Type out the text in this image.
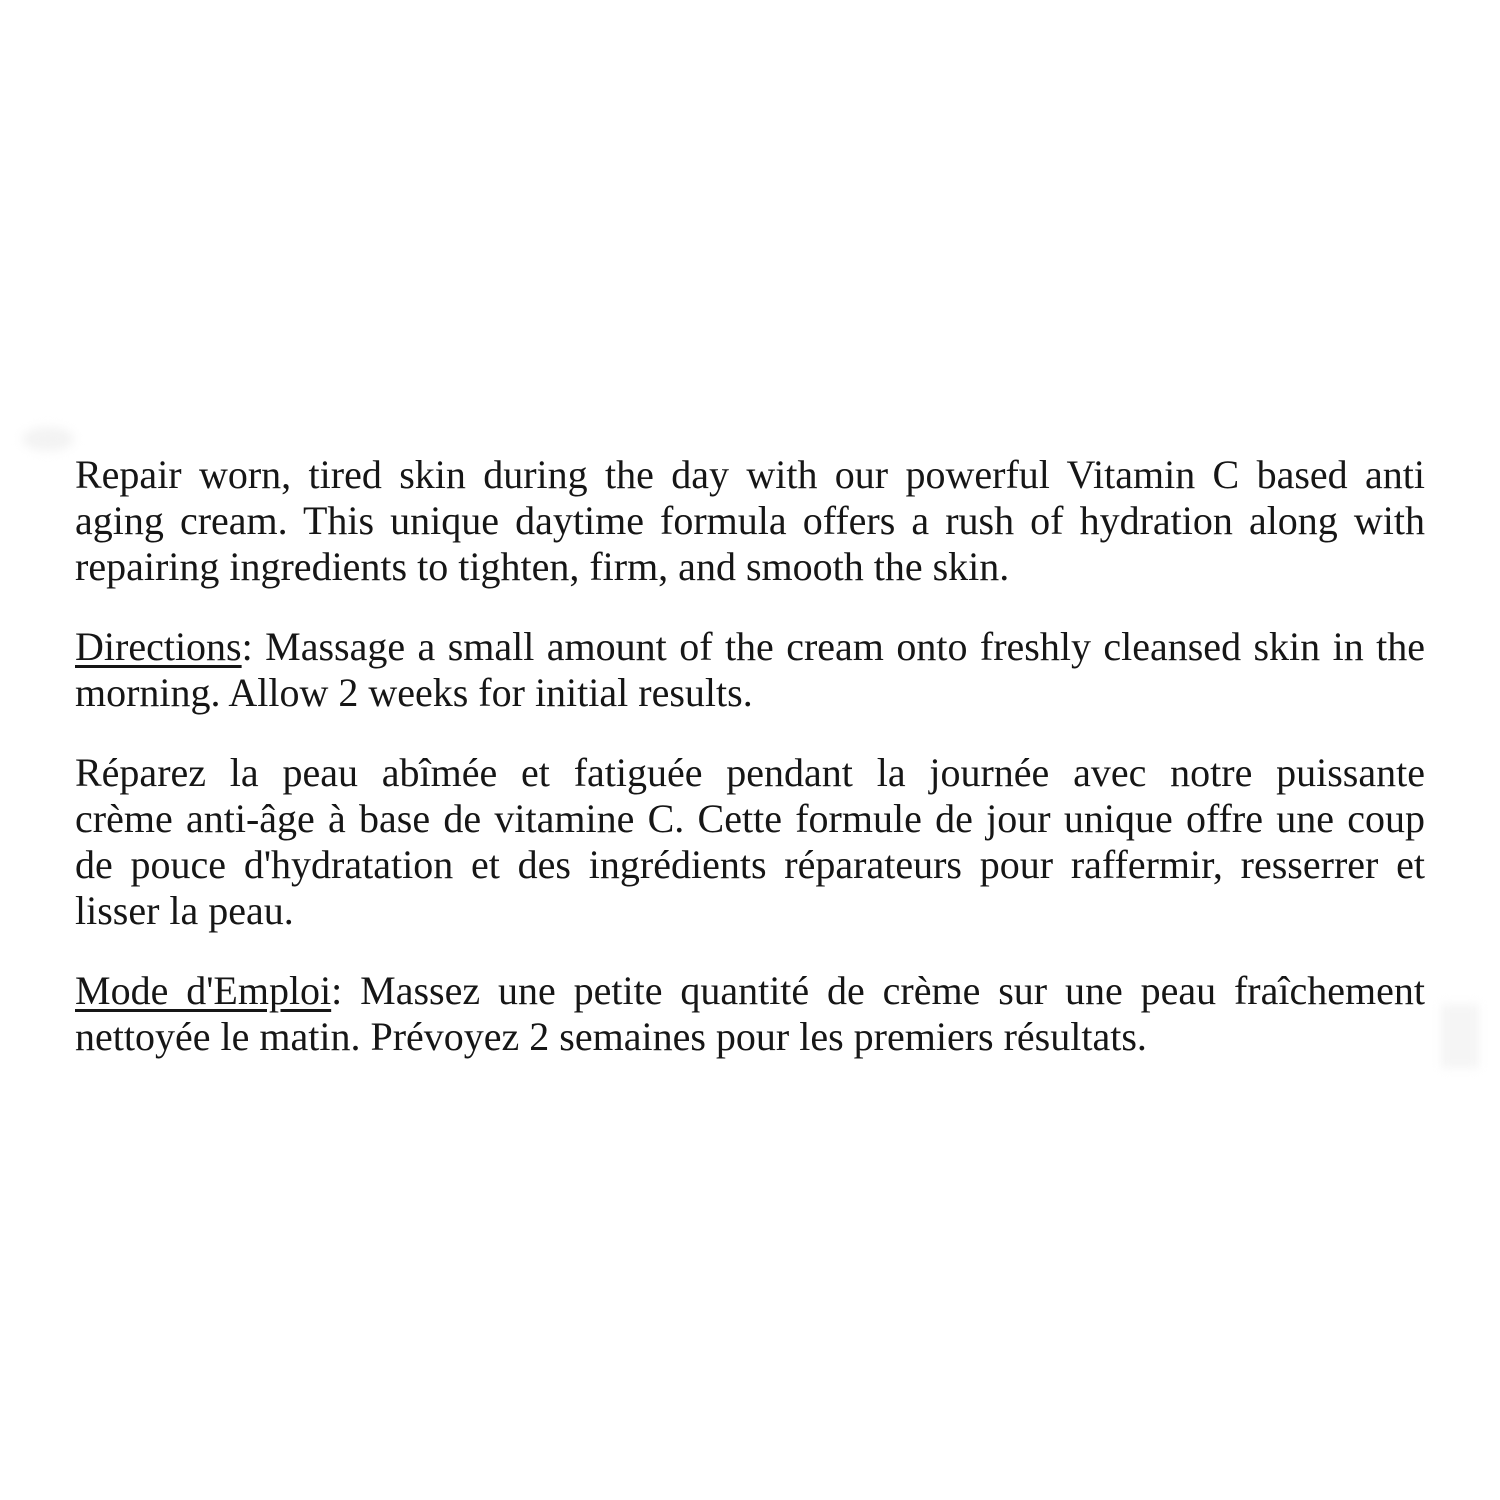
Repair worn, tired skin during the day with our powerful Vitamin C based anti
aging cream. This unique daytime formula offers a rush of hydration along with
repairing ingredients to tighten, firm, and smooth the skin.
Directions: Massage a small amount of the cream onto freshly cleansed skin in the
morning. Allow 2 weeks for initial results.
Réparez la peau abîmée et fatiguée pendant la journée avec notre puissante
crème anti-âge à base de vitamine C. Cette formule de jour unique offre une coup
de pouce d'hydratation et des ingrédients réparateurs pour raffermir, resserrer et
lisser la peau.
Mode d'Emploi: Massez une petite quantité de crème sur une peau fraîchement
nettoyée le matin. Prévoyez 2 semaines pour les premiers résultats.
